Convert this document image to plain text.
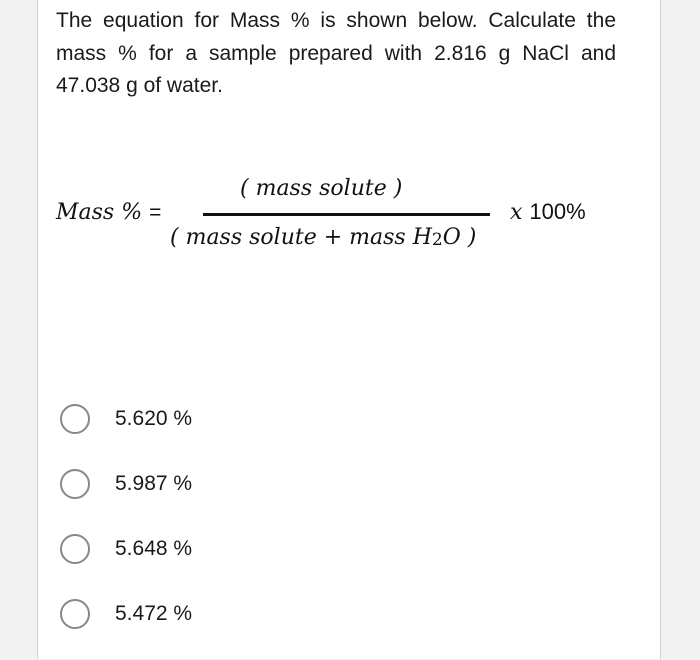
The equation for Mass % is shown below. Calculate the mass % for a sample prepared with 2.816 g NaCl and 47.038 g of water.
Mass % =
( mass solute )
( mass solute + mass H2O )
x 100%
5.620 %
5.987 %
5.648 %
5.472 %
